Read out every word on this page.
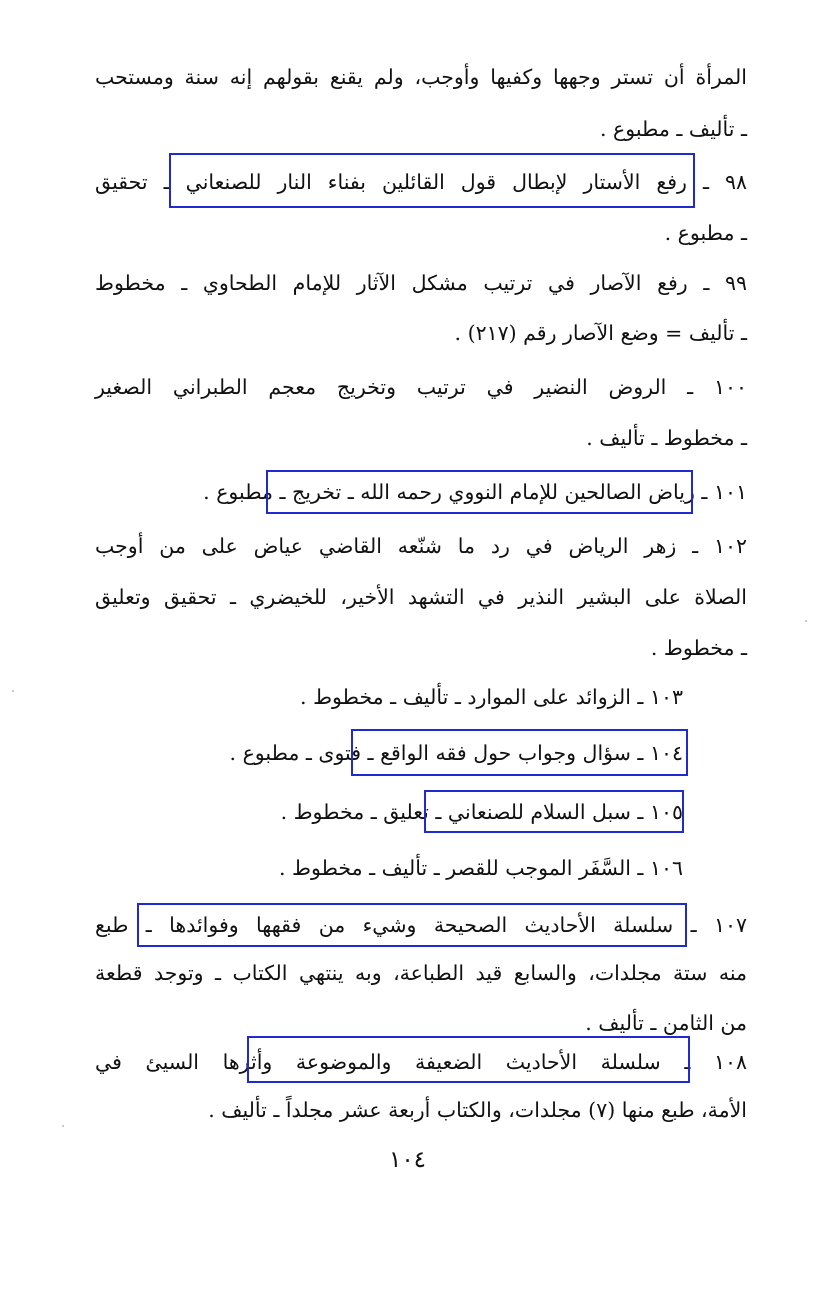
المرأة أن تستر وجهها وكفيها وأوجب، ولم يقنع بقولهم إنه سنة ومستحب
ـ تأليف ـ مطبوع .
٩٨ ـ رفع الأستار لإبطال قول القائلين بفناء النار للصنعاني ـ تحقيق
ـ مطبوع .
٩٩ ـ رفع الآصار في ترتيب مشكل الآثار للإمام الطحاوي ـ مخطوط
ـ تأليف = وضع الآصار رقم (٢١٧) .
١٠٠ ـ الروض النضير في ترتيب وتخريج معجم الطبراني الصغير
ـ مخطوط ـ تأليف .
١٠١ ـ رياض الصالحين للإمام النووي رحمه الله ـ تخريج ـ مطبوع .
١٠٢ ـ زهر الرياض في رد ما شنّعه القاضي عياض على من أوجب
الصلاة على البشير النذير في التشهد الأخير، للخيضري ـ تحقيق وتعليق
ـ مخطوط .
١٠٣ ـ الزوائد على الموارد ـ تأليف ـ مخطوط .
١٠٤ ـ سؤال وجواب حول فقه الواقع ـ فتوى ـ مطبوع .
١٠٥ ـ سبل السلام للصنعاني ـ تعليق ـ مخطوط .
١٠٦ ـ السَّفَر الموجب للقصر ـ تأليف ـ مخطوط .
١٠٧ ـ سلسلة الأحاديث الصحيحة وشيء من فقهها وفوائدها ـ طبع
منه ستة مجلدات، والسابع قيد الطباعة، وبه ينتهي الكتاب ـ وتوجد قطعة
من الثامن ـ تأليف .
١٠٨ ـ سلسلة الأحاديث الضعيفة والموضوعة وأثرها السيئ في
الأمة، طبع منها (٧) مجلدات، والكتاب أربعة عشر مجلداً ـ تأليف .
١٠٤
